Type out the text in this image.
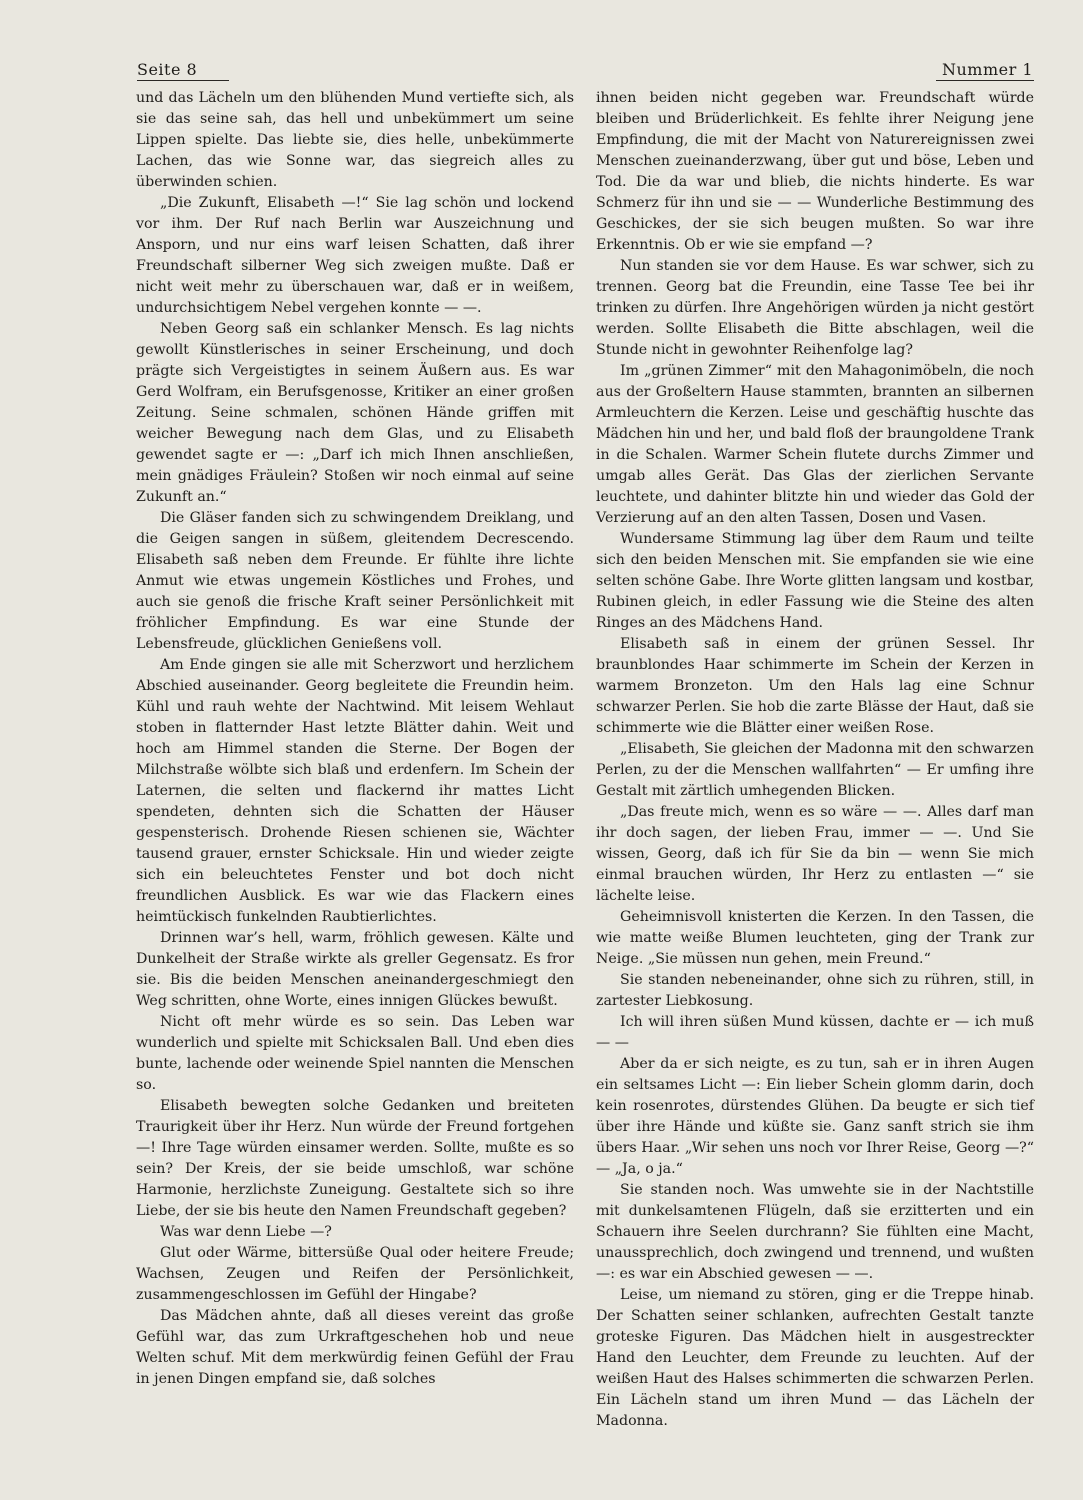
Seite 8	Nummer 1

und das Lächeln um den blühenden Mund vertiefte sich, als sie das seine sah, das hell und unbekümmert um seine Lippen spielte. Das liebte sie, dies helle, unbekümmerte Lachen, das wie Sonne war, das siegreich alles zu überwinden schien.

„Die Zukunft, Elisabeth —!“ Sie lag schön und lockend vor ihm. Der Ruf nach Berlin war Auszeichnung und Ansporn, und nur eins warf leisen Schatten, daß ihrer Freundschaft silberner Weg sich zweigen mußte. Daß er nicht weit mehr zu überschauen war, daß er in weißem, undurchsichtigem Nebel vergehen konnte — —.

Neben Georg saß ein schlanker Mensch. Es lag nichts gewollt Künstlerisches in seiner Erscheinung, und doch prägte sich Vergeistigtes in seinem Äußern aus. Es war Gerd Wolfram, ein Berufsgenosse, Kritiker an einer großen Zeitung. Seine schmalen, schönen Hände griffen mit weicher Bewegung nach dem Glas, und zu Elisabeth gewendet sagte er —: „Darf ich mich Ihnen anschließen, mein gnädiges Fräulein? Stoßen wir noch einmal auf seine Zukunft an.“

Die Gläser fanden sich zu schwingendem Dreiklang, und die Geigen sangen in süßem, gleitendem Decrescendo. Elisabeth saß neben dem Freunde. Er fühlte ihre lichte Anmut wie etwas ungemein Köstliches und Frohes, und auch sie genoß die frische Kraft seiner Persönlichkeit mit fröhlicher Empfindung. Es war eine Stunde der Lebensfreude, glücklichen Genießens voll.

Am Ende gingen sie alle mit Scherzwort und herzlichem Abschied auseinander. Georg begleitete die Freundin heim. Kühl und rauh wehte der Nachtwind. Mit leisem Wehlaut stoben in flatternder Hast letzte Blätter dahin. Weit und hoch am Himmel standen die Sterne. Der Bogen der Milchstraße wölbte sich blaß und erdenfern. Im Schein der Laternen, die selten und flackernd ihr mattes Licht spendeten, dehnten sich die Schatten der Häuser gespensterisch. Drohende Riesen schienen sie, Wächter tausend grauer, ernster Schicksale. Hin und wieder zeigte sich ein beleuchtetes Fenster und bot doch nicht freundlichen Ausblick. Es war wie das Flackern eines heimtückisch funkelnden Raubtierlichtes.

Drinnen war’s hell, warm, fröhlich gewesen. Kälte und Dunkelheit der Straße wirkte als greller Gegensatz. Es fror sie. Bis die beiden Menschen aneinandergeschmiegt den Weg schritten, ohne Worte, eines innigen Glückes bewußt.

Nicht oft mehr würde es so sein. Das Leben war wunderlich und spielte mit Schicksalen Ball. Und eben dies bunte, lachende oder weinende Spiel nannten die Menschen so.

Elisabeth bewegten solche Gedanken und breiteten Traurigkeit über ihr Herz. Nun würde der Freund fortgehen —! Ihre Tage würden einsamer werden. Sollte, mußte es so sein? Der Kreis, der sie beide umschloß, war schöne Harmonie, herzlichste Zuneigung. Gestaltete sich so ihre Liebe, der sie bis heute den Namen Freundschaft gegeben?

Was war denn Liebe —?

Glut oder Wärme, bittersüße Qual oder heitere Freude; Wachsen, Zeugen und Reifen der Persönlichkeit, zusammengeschlossen im Gefühl der Hingabe?

Das Mädchen ahnte, daß all dieses vereint das große Gefühl war, das zum Urkraftgeschehen hob und neue Welten schuf. Mit dem merkwürdig feinen Gefühl der Frau in jenen Dingen empfand sie, daß solches

ihnen beiden nicht gegeben war. Freundschaft würde bleiben und Brüderlichkeit. Es fehlte ihrer Neigung jene Empfindung, die mit der Macht von Naturereignissen zwei Menschen zueinanderzwang, über gut und böse, Leben und Tod. Die da war und blieb, die nichts hinderte. Es war Schmerz für ihn und sie — — Wunderliche Bestimmung des Geschickes, der sie sich beugen mußten. So war ihre Erkenntnis. Ob er wie sie empfand —?

Nun standen sie vor dem Hause. Es war schwer, sich zu trennen. Georg bat die Freundin, eine Tasse Tee bei ihr trinken zu dürfen. Ihre Angehörigen würden ja nicht gestört werden. Sollte Elisabeth die Bitte abschlagen, weil die Stunde nicht in gewohnter Reihenfolge lag?

Im „grünen Zimmer“ mit den Mahagonimöbeln, die noch aus der Großeltern Hause stammten, brannten an silbernen Armleuchtern die Kerzen. Leise und geschäftig huschte das Mädchen hin und her, und bald floß der braungoldene Trank in die Schalen. Warmer Schein flutete durchs Zimmer und umgab alles Gerät. Das Glas der zierlichen Servante leuchtete, und dahinter blitzte hin und wieder das Gold der Verzierung auf an den alten Tassen, Dosen und Vasen.

Wundersame Stimmung lag über dem Raum und teilte sich den beiden Menschen mit. Sie empfanden sie wie eine selten schöne Gabe. Ihre Worte glitten langsam und kostbar, Rubinen gleich, in edler Fassung wie die Steine des alten Ringes an des Mädchens Hand.

Elisabeth saß in einem der grünen Sessel. Ihr braunblondes Haar schimmerte im Schein der Kerzen in warmem Bronzeton. Um den Hals lag eine Schnur schwarzer Perlen. Sie hob die zarte Blässe der Haut, daß sie schimmerte wie die Blätter einer weißen Rose.

„Elisabeth, Sie gleichen der Madonna mit den schwarzen Perlen, zu der die Menschen wallfahrten“ — Er umfing ihre Gestalt mit zärtlich umhegenden Blicken.

„Das freute mich, wenn es so wäre — —. Alles darf man ihr doch sagen, der lieben Frau, immer — —. Und Sie wissen, Georg, daß ich für Sie da bin — wenn Sie mich einmal brauchen würden, Ihr Herz zu entlasten —“ sie lächelte leise.

Geheimnisvoll knisterten die Kerzen. In den Tassen, die wie matte weiße Blumen leuchteten, ging der Trank zur Neige. „Sie müssen nun gehen, mein Freund.“

Sie standen nebeneinander, ohne sich zu rühren, still, in zartester Liebkosung.

Ich will ihren süßen Mund küssen, dachte er — ich muß — —

Aber da er sich neigte, es zu tun, sah er in ihren Augen ein seltsames Licht —: Ein lieber Schein glomm darin, doch kein rosenrotes, dürstendes Glühen. Da beugte er sich tief über ihre Hände und küßte sie. Ganz sanft strich sie ihm übers Haar. „Wir sehen uns noch vor Ihrer Reise, Georg —?“ — „Ja, o ja.“

Sie standen noch. Was umwehte sie in der Nachtstille mit dunkelsamtenen Flügeln, daß sie erzitterten und ein Schauern ihre Seelen durchrann? Sie fühlten eine Macht, unaussprechlich, doch zwingend und trennend, und wußten —: es war ein Abschied gewesen — —.

Leise, um niemand zu stören, ging er die Treppe hinab. Der Schatten seiner schlanken, aufrechten Gestalt tanzte groteske Figuren. Das Mädchen hielt in ausgestreckter Hand den Leuchter, dem Freunde zu leuchten. Auf der weißen Haut des Halses schimmerten die schwarzen Perlen. Ein Lächeln stand um ihren Mund — das Lächeln der Madonna.
